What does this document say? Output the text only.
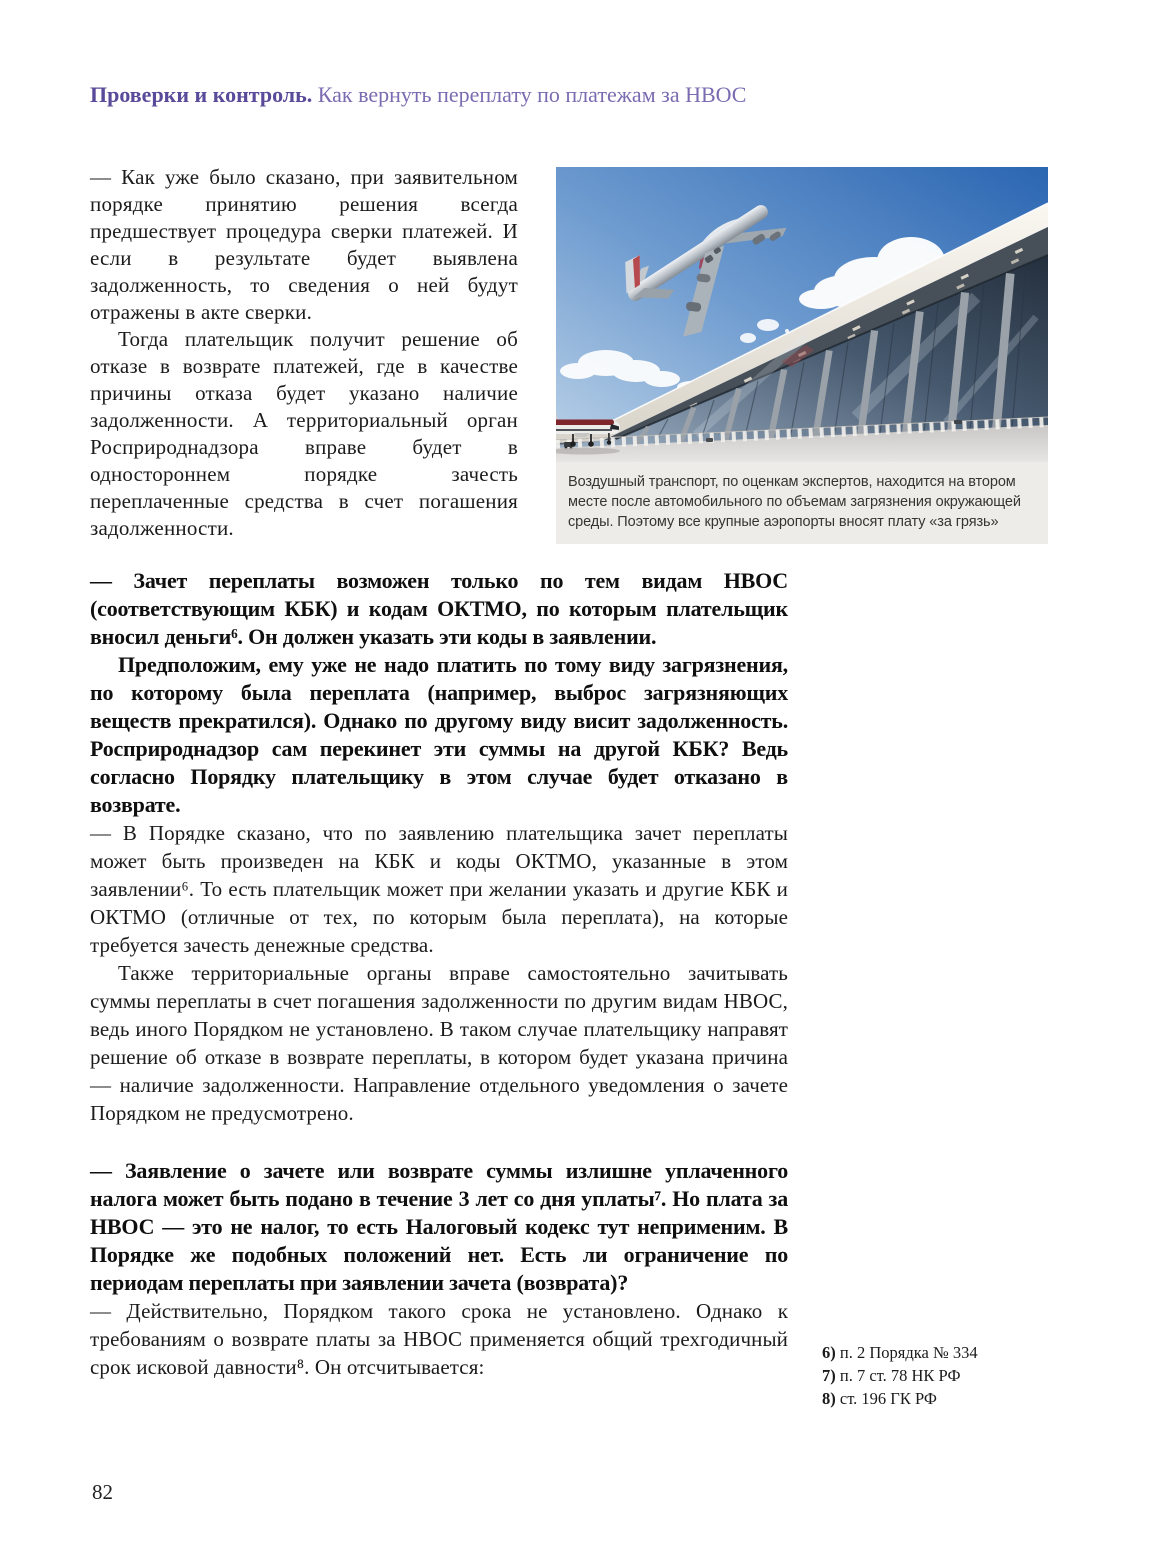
Проверки и контроль. Как вернуть переплату по платежам за НВОС

— Как уже было сказано, при заявительном порядке принятию решения всегда предшествует процедура сверки платежей. И если в результате будет выявлена задолженность, то сведения о ней будут отражены в акте сверки.

Тогда плательщик получит решение об отказе в возврате платежей, где в качестве причины отказа будет указано наличие задолженности. А территориальный орган Росприроднадзора вправе будет в одностороннем порядке зачесть переплаченные средства в счет погашения задолженности.

Воздушный транспорт, по оценкам экспертов, находится на втором месте после автомобильного по объемам загрязнения окружающей среды. Поэтому все крупные аэропорты вносят плату «за грязь»

— Зачет переплаты возможен только по тем видам НВОС (соответствующим КБК) и кодам ОКТМО, по которым плательщик вносил деньги⁶. Он должен указать эти коды в заявлении.

Предположим, ему уже не надо платить по тому виду загрязнения, по которому была переплата (например, выброс загрязняющих веществ прекратился). Однако по другому виду висит задолженность. Росприроднадзор сам перекинет эти суммы на другой КБК? Ведь согласно Порядку плательщику в этом случае будет отказано в возврате.

— В Порядке сказано, что по заявлению плательщика зачет переплаты может быть произведен на КБК и коды ОКТМО, указанные в этом заявлении⁶. То есть плательщик может при желании указать и другие КБК и ОКТМО (отличные от тех, по которым была переплата), на которые требуется зачесть денежные средства.

Также территориальные органы вправе самостоятельно зачитывать суммы переплаты в счет погашения задолженности по другим видам НВОС, ведь иного Порядком не установлено. В таком случае плательщику направят решение об отказе в возврате переплаты, в котором будет указана причина — наличие задолженности. Направление отдельного уведомления о зачете Порядком не предусмотрено.

— Заявление о зачете или возврате суммы излишне уплаченного налога может быть подано в течение 3 лет со дня уплаты⁷. Но плата за НВОС — это не налог, то есть Налоговый кодекс тут неприменим. В Порядке же подобных положений нет. Есть ли ограничение по периодам переплаты при заявлении зачета (возврата)?

— Действительно, Порядком такого срока не установлено. Однако к требованиям о возврате платы за НВОС применяется общий трехгодичный срок исковой давности⁸. Он отсчитывается:

6) п. 2 Порядка № 334

7) п. 7 ст. 78 НК РФ

8) ст. 196 ГК РФ

82
